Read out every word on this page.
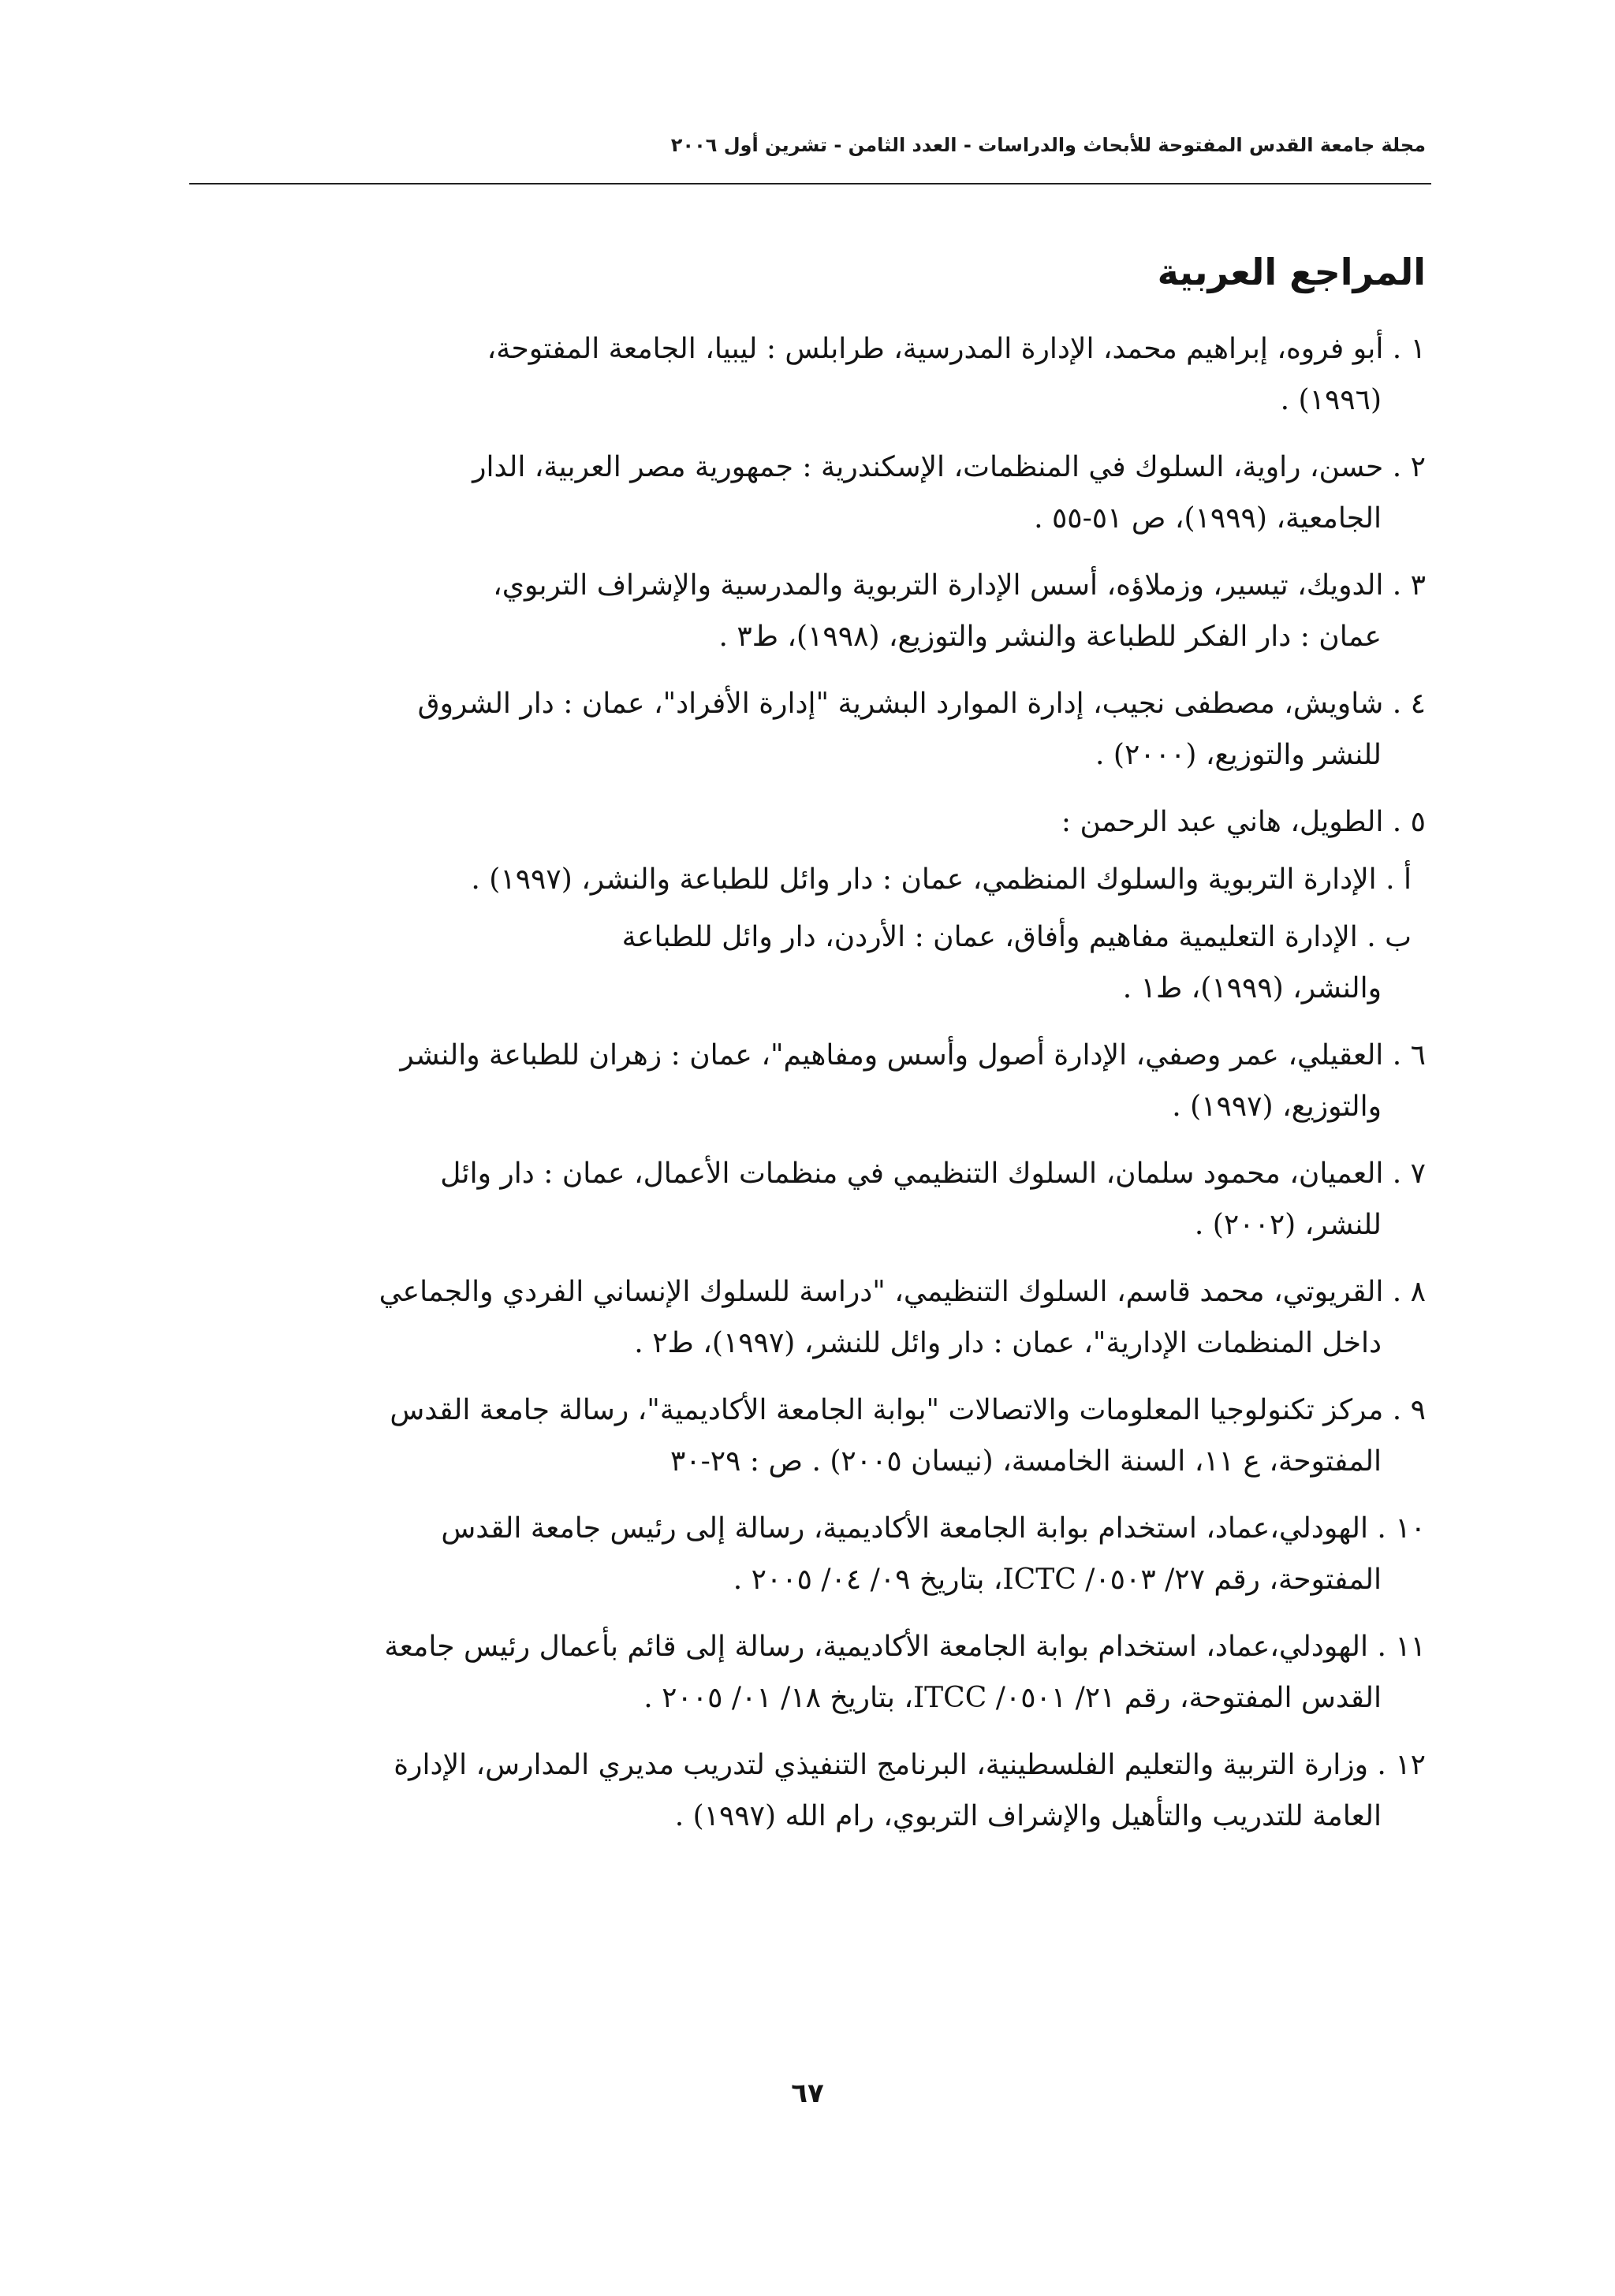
مجلة جامعة القدس المفتوحة للأبحاث والدراسات - العدد الثامن - تشرين أول ٢٠٠٦
المراجع العربية
١ . أبو فروه، إبراهيم محمد، الإدارة المدرسية، طرابلس : ليبيا، الجامعة المفتوحة،
(١٩٩٦) .
٢ . حسن، راوية، السلوك في المنظمات، الإسكندرية : جمهورية مصر العربية، الدار
الجامعية، (١٩٩٩)، ص ٥١-٥٥ .
٣ . الدويك، تيسير، وزملاؤه، أسس الإدارة التربوية والمدرسية والإشراف التربوي،
عمان : دار الفكر للطباعة والنشر والتوزيع، (١٩٩٨)، ط٣ .
٤ . شاويش، مصطفى نجيب، إدارة الموارد البشرية "إدارة الأفراد"، عمان : دار الشروق
للنشر والتوزيع، (٢٠٠٠) .
٥ . الطويل، هاني عبد الرحمن :
أ . الإدارة التربوية والسلوك المنظمي، عمان : دار وائل للطباعة والنشر، (١٩٩٧) .
ب . الإدارة التعليمية مفاهيم وأفاق، عمان : الأردن، دار وائل للطباعة
والنشر، (١٩٩٩)، ط١ .
٦ . العقيلي، عمر وصفي، الإدارة أصول وأسس ومفاهيم"، عمان : زهران للطباعة والنشر
والتوزيع، (١٩٩٧) .
٧ . العميان، محمود سلمان، السلوك التنظيمي في منظمات الأعمال، عمان : دار وائل
للنشر، (٢٠٠٢) .
٨ . القريوتي، محمد قاسم، السلوك التنظيمي، "دراسة للسلوك الإنساني الفردي والجماعي
داخل المنظمات الإدارية"، عمان : دار وائل للنشر، (١٩٩٧)، ط٢ .
٩ . مركز تكنولوجيا المعلومات والاتصالات "بوابة الجامعة الأكاديمية"، رسالة جامعة القدس
المفتوحة، ع ١١، السنة الخامسة، (نيسان ٢٠٠٥) . ص : ٢٩-٣٠
١٠ . الهودلي،عماد، استخدام بوابة الجامعة الأكاديمية، رسالة إلى رئيس جامعة القدس
المفتوحة، رقم ٢٧/ ٠٥٠٣/ ICTC، بتاريخ ٠٩/ ٠٤/ ٢٠٠٥ .
١١ . الهودلي،عماد، استخدام بوابة الجامعة الأكاديمية، رسالة إلى قائم بأعمال رئيس جامعة
القدس المفتوحة، رقم ٢١/ ٠٥٠١/ ITCC، بتاريخ ١٨/ ٠١/ ٢٠٠٥ .
١٢ . وزارة التربية والتعليم الفلسطينية، البرنامج التنفيذي لتدريب مديري المدارس، الإدارة
العامة للتدريب والتأهيل والإشراف التربوي، رام الله (١٩٩٧) .
٦٧
